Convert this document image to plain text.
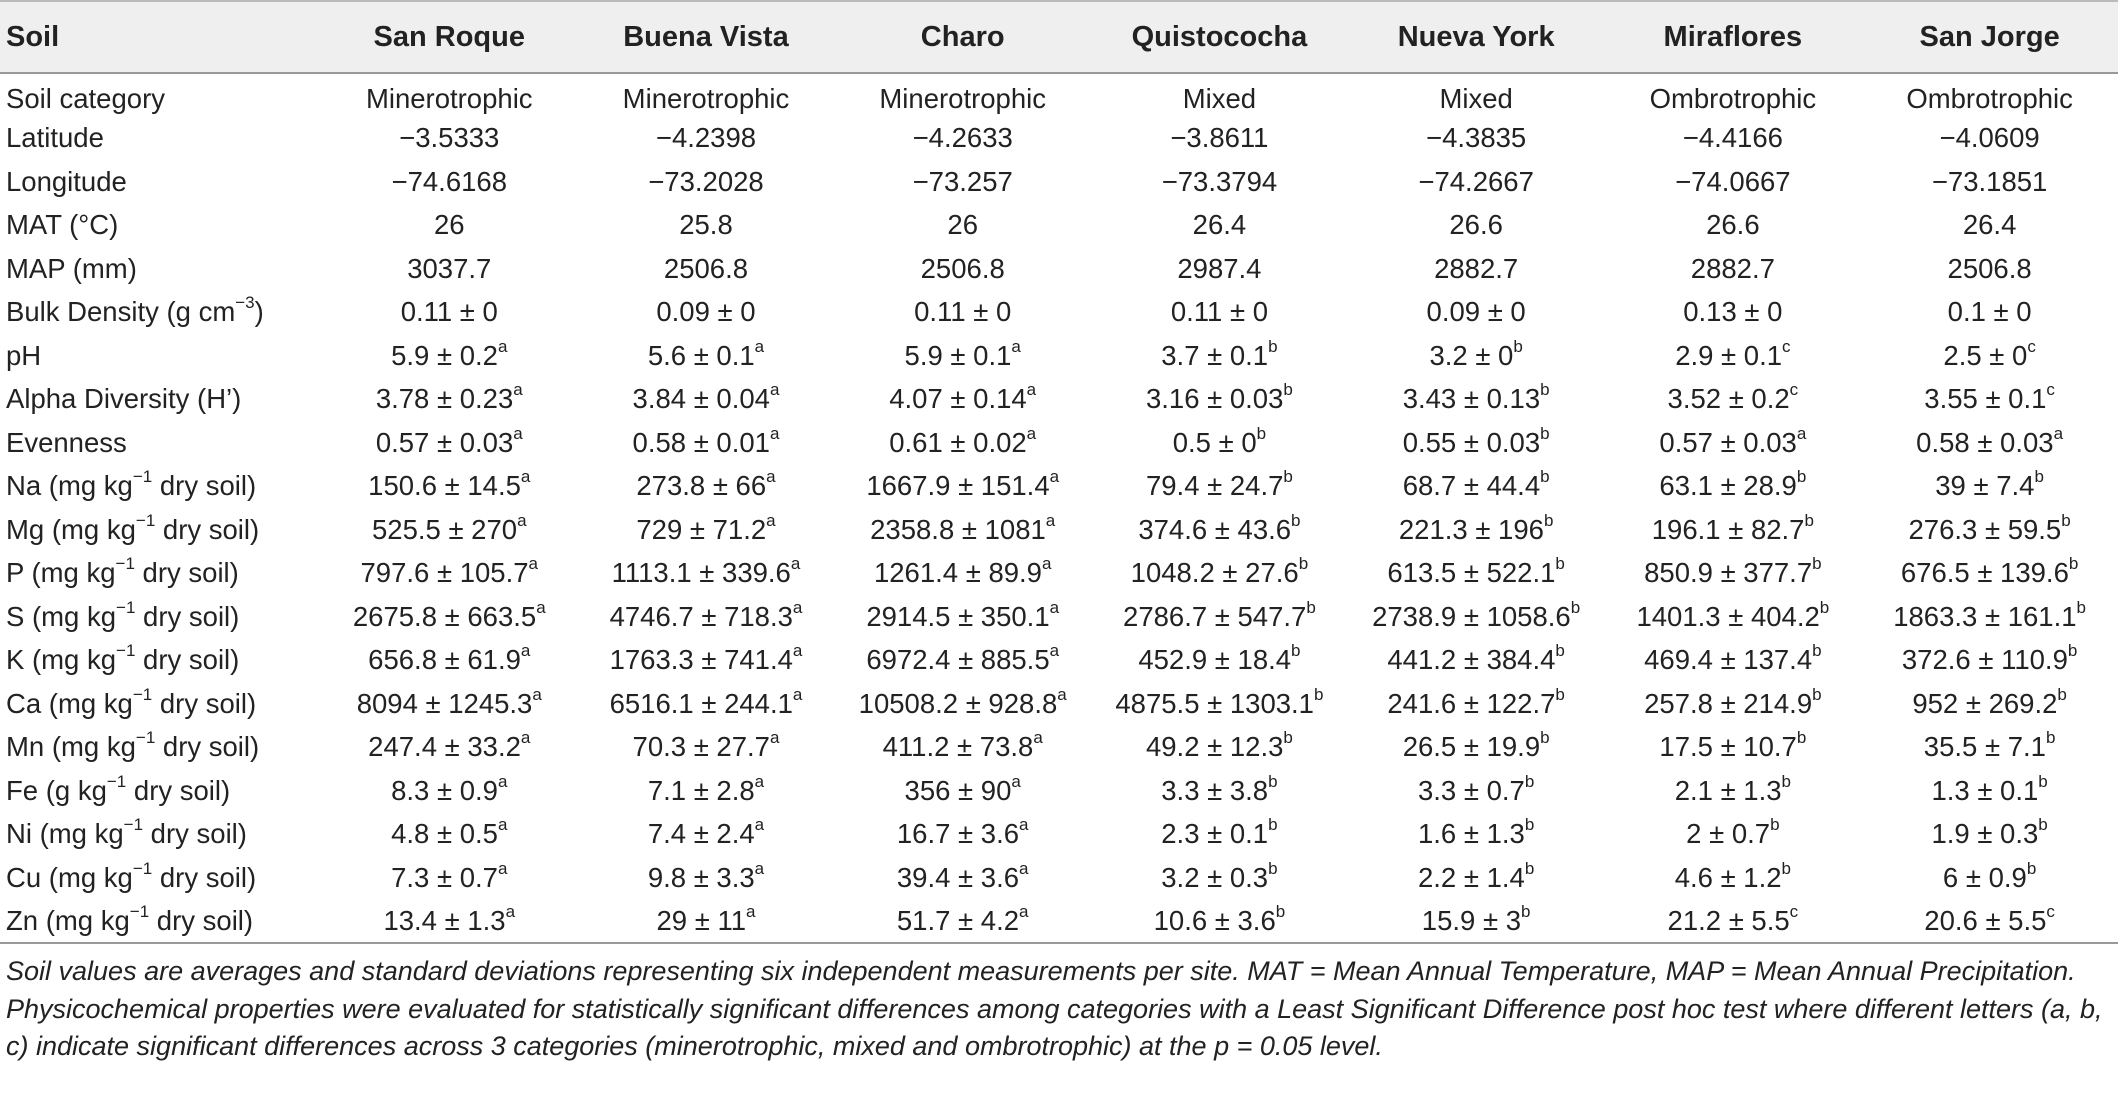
Soil	San Roque	Buena Vista	Charo	Quistococha	Nueva York	Miraflores	San Jorge
Soil category	Minerotrophic	Minerotrophic	Minerotrophic	Mixed	Mixed	Ombrotrophic	Ombrotrophic
Latitude	−3.5333	−4.2398	−4.2633	−3.8611	−4.3835	−4.4166	−4.0609
Longitude	−74.6168	−73.2028	−73.257	−73.3794	−74.2667	−74.0667	−73.1851
MAT (°C)	26	25.8	26	26.4	26.6	26.6	26.4
MAP (mm)	3037.7	2506.8	2506.8	2987.4	2882.7	2882.7	2506.8
Bulk Density (g $cm^{-3}$)	0.11 ± 0	0.09 ± 0	0.11 ± 0	0.11 ± 0	0.09 ± 0	0.13 ± 0	0.1 ± 0
pH	5.9 ± 0.2$^a$	5.6 ± 0.1$^a$	5.9 ± 0.1$^a$	3.7 ± 0.1$^b$	$3.2 \pm 0^b$	2.9 ± 0.1$^c$	$2.5 \pm 0^c$
Alpha Diversity (H’)	3.78 ± 0.23$^a$	3.84 ± 0.04$^a$	4.07 ± 0.14$^a$	3.16 ± 0.03$^b$	3.43 ± 0.13$^b$	3.52 ± 0.2$^c$	3.55 ± 0.1$^c$
Evenness	0.57 ± 0.03$^a$	0.58 ± 0.01$^a$	0.61 ± 0.02$^a$	$0.5 \pm 0^b$	0.55 ± 0.03$^b$	0.57 ± 0.03$^a$	0.58 ± 0.03$^a$
Na (mg $kg^{-1}$ dry soil)	150.6 ± 14.5$^a$	$273.8 \pm 66^a$	1667.9 ± 151.4$^a$	79.4 ± 24.7$^b$	68.7 ± 44.4$^b$	63.1 ± 28.9$^b$	39 ± 7.4$^b$
Mg (mg $kg^{-1}$ dry soil)	$525.5 \pm 270^a$	729 ± 71.2$^a$	$2358.8 \pm 1081^a$	374.6 ± 43.6$^b$	$221.3 \pm 196^b$	196.1 ± 82.7$^b$	276.3 ± 59.5$^b$
P (mg $kg^{-1}$ dry soil)	797.6 ± 105.7$^a$	1113.1 ± 339.6$^a$	1261.4 ± 89.9$^a$	1048.2 ± 27.6$^b$	613.5 ± 522.1$^b$	850.9 ± 377.7$^b$	676.5 ± 139.6$^b$
S (mg $kg^{-1}$ dry soil)	2675.8 ± 663.5$^a$	4746.7 ± 718.3$^a$	2914.5 ± 350.1$^a$	2786.7 ± 547.7$^b$	2738.9 ± 1058.6$^b$	1401.3 ± 404.2$^b$	1863.3 ± 161.1$^b$
K (mg $kg^{-1}$ dry soil)	656.8 ± 61.9$^a$	1763.3 ± 741.4$^a$	6972.4 ± 885.5$^a$	452.9 ± 18.4$^b$	441.2 ± 384.4$^b$	469.4 ± 137.4$^b$	372.6 ± 110.9$^b$
Ca (mg $kg^{-1}$ dry soil)	8094 ± 1245.3$^a$	6516.1 ± 244.1$^a$	10508.2 ± 928.8$^a$	4875.5 ± 1303.1$^b$	241.6 ± 122.7$^b$	257.8 ± 214.9$^b$	952 ± 269.2$^b$
Mn (mg $kg^{-1}$ dry soil)	247.4 ± 33.2$^a$	70.3 ± 27.7$^a$	411.2 ± 73.8$^a$	49.2 ± 12.3$^b$	26.5 ± 19.9$^b$	17.5 ± 10.7$^b$	35.5 ± 7.1$^b$
Fe (g $kg^{-1}$ dry soil)	8.3 ± 0.9$^a$	7.1 ± 2.8$^a$	$356 \pm 90^a$	3.3 ± 3.8$^b$	3.3 ± 0.7$^b$	2.1 ± 1.3$^b$	1.3 ± 0.1$^b$
Ni (mg $kg^{-1}$ dry soil)	4.8 ± 0.5$^a$	7.4 ± 2.4$^a$	16.7 ± 3.6$^a$	2.3 ± 0.1$^b$	1.6 ± 1.3$^b$	2 ± 0.7$^b$	1.9 ± 0.3$^b$
Cu (mg $kg^{-1}$ dry soil)	7.3 ± 0.7$^a$	9.8 ± 3.3$^a$	39.4 ± 3.6$^a$	3.2 ± 0.3$^b$	2.2 ± 1.4$^b$	4.6 ± 1.2$^b$	6 ± 0.9$^b$
Zn (mg $kg^{-1}$ dry soil)	13.4 ± 1.3$^a$	$29 \pm 11^a$	51.7 ± 4.2$^a$	10.6 ± 3.6$^b$	$15.9 \pm 3^b$	21.2 ± 5.5$^c$	20.6 ± 5.5$^c$
Soil values are averages and standard deviations representing six independent measurements per site. MAT = Mean Annual Temperature, MAP = Mean Annual Precipitation. Physicochemical properties were evaluated for statistically significant differences among categories with a Least Significant Difference post hoc test where different letters (a, b, c) indicate significant differences across 3 categories (minerotrophic, mixed and ombrotrophic) at the p = 0.05 level.
